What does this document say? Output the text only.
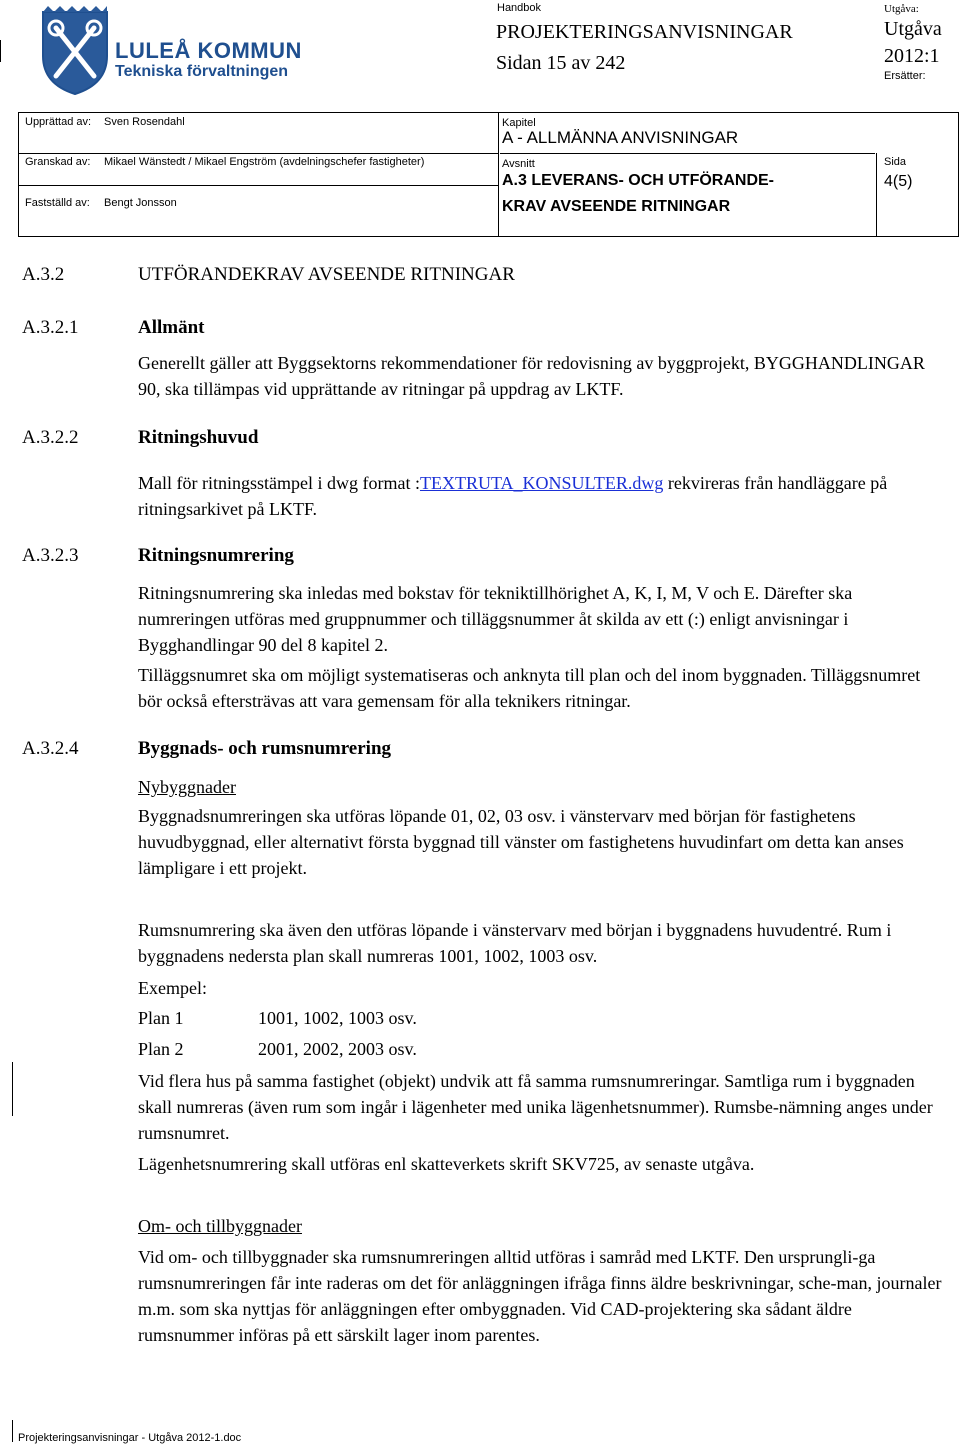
LULEÅ KOMMUN
Tekniska förvaltningen
Handbok
PROJEKTERINGSANVISNINGAR
Sidan 15 av 242
Utgåva:
Utgåva
2012:1
Ersätter:
Upprättad av: Sven Rosendahl
Granskad av: Mikael Wänstedt / Mikael Engström (avdelningschefer fastigheter)
Fastställd av: Bengt Jonsson
Kapitel
A - ALLMÄNNA ANVISNINGAR
Avsnitt
A.3 LEVERANS- OCH UTFÖRANDE-
KRAV AVSEENDE RITNINGAR
Sida
4(5)
A.3.2	UTFÖRANDEKRAV AVSEENDE RITNINGAR
A.3.2.1	Allmänt

Generellt gäller att Byggsektorns rekommendationer för redovisning av byggprojekt, BYGGHANDLINGAR 90, ska tillämpas vid upprättande av ritningar på uppdrag av LKTF.

A.3.2.2	Ritningshuvud

Mall för ritningsstämpel i dwg format :TEXTRUTA_KONSULTER.dwg rekvireras från handläggare på ritningsarkivet på LKTF.

A.3.2.3	Ritningsnumrering

Ritningsnumrering ska inledas med bokstav för tekniktillhörighet A, K, I, M, V och E. Därefter ska numreringen utföras med gruppnummer och tilläggsnummer åt skilda av ett (:) enligt anvisningar i Bygghandlingar 90 del 8 kapitel 2.

Tilläggsnumret ska om möjligt systematiseras och anknyta till plan och del inom byggnaden. Tilläggsnumret bör också eftersträvas att vara gemensam för alla teknikers ritningar.

A.3.2.4	Byggnads- och rumsnumrering
Nybyggnader

Byggnadsnumreringen ska utföras löpande 01, 02, 03 osv. i vänstervarv med början för fastighetens huvudbyggnad, eller alternativt första byggnad till vänster om fastighetens huvudinfart om detta kan anses lämpligare i ett projekt.

Rumsnumrering ska även den utföras löpande i vänstervarv med början i byggnadens huvudentré. Rum i byggnadens nedersta plan skall numreras 1001, 1002, 1003 osv.

Exempel:
Plan 1	1001, 1002, 1003 osv.
Plan 2	2001, 2002, 2003 osv.

Vid flera hus på samma fastighet (objekt) undvik att få samma rumsnumreringar. Samtliga rum i byggnaden skall numreras (även rum som ingår i lägenheter med unika lägenhetsnummer). Rumsbe-nämning anges under rumsnumret.

Lägenhetsnumrering skall utföras enl skatteverkets skrift SKV725, av senaste utgåva.

Om- och tillbyggnader

Vid om- och tillbyggnader ska rumsnumreringen alltid utföras i samråd med LKTF. Den ursprungli-ga rumsnumreringen får inte raderas om det för anläggningen ifråga finns äldre beskrivningar, sche-man, journaler m.m. som ska nyttjas för anläggningen efter ombyggnaden. Vid CAD-projektering ska sådant äldre rumsnummer införas på ett särskilt lager inom parentes.

Projekteringsanvisningar - Utgåva 2012-1.doc
